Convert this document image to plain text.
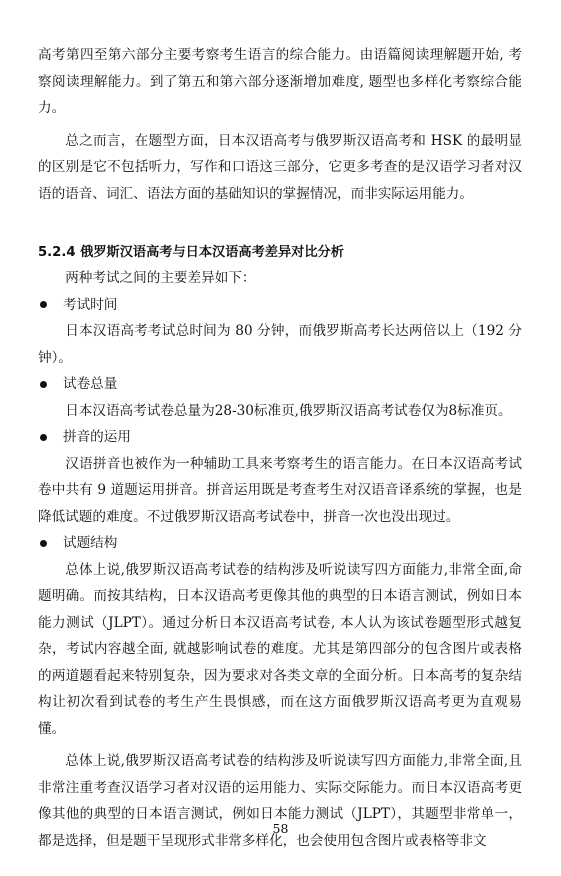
高考第四至第六部分主要考察考生语言的综合能力。由语篇阅读理解题开始, 考察阅读理解能力。到了第五和第六部分逐渐增加难度, 题型也多样化考察综合能力。

总之而言，在题型方面，日本汉语高考与俄罗斯汉语高考和 HSK 的最明显的区别是它不包括听力，写作和口语这三部分，它更多考查的是汉语学习者对汉语的语音、词汇、语法方面的基础知识的掌握情况，而非实际运用能力。

5.2.4 俄罗斯汉语高考与日本汉语高考差异对比分析

两种考试之间的主要差异如下：

考试时间

日本汉语高考考试总时间为 80 分钟，而俄罗斯高考长达两倍以上（192 分钟）。

试卷总量

日本汉语高考试卷总量为28-30标准页,俄罗斯汉语高考试卷仅为8标准页。

拼音的运用

汉语拼音也被作为一种辅助工具来考察考生的语言能力。在日本汉语高考试卷中共有 9 道题运用拼音。拼音运用既是考查考生对汉语音译系统的掌握，也是降低试题的难度。不过俄罗斯汉语高考试卷中，拼音一次也没出现过。

试题结构

总体上说,俄罗斯汉语高考试卷的结构涉及听说读写四方面能力,非常全面,命题明确。而按其结构，日本汉语高考更像其他的典型的日本语言测试，例如日本能力测试（JLPT）。通过分析日本汉语高考试卷, 本人认为该试卷题型形式越复杂，考试内容越全面, 就越影响试卷的难度。尤其是第四部分的包含图片或表格的两道题看起来特别复杂，因为要求对各类文章的全面分析。日本高考的复杂结构让初次看到试卷的考生产生畏惧感，而在这方面俄罗斯汉语高考更为直观易懂。

总体上说,俄罗斯汉语高考试卷的结构涉及听说读写四方面能力,非常全面,且非常注重考查汉语学习者对汉语的运用能力、实际交际能力。而日本汉语高考更像其他的典型的日本语言测试，例如日本能力测试（JLPT），其题型非常单一，都是选择，但是题干呈现形式非常多样化，也会使用包含图片或表格等非文

58
